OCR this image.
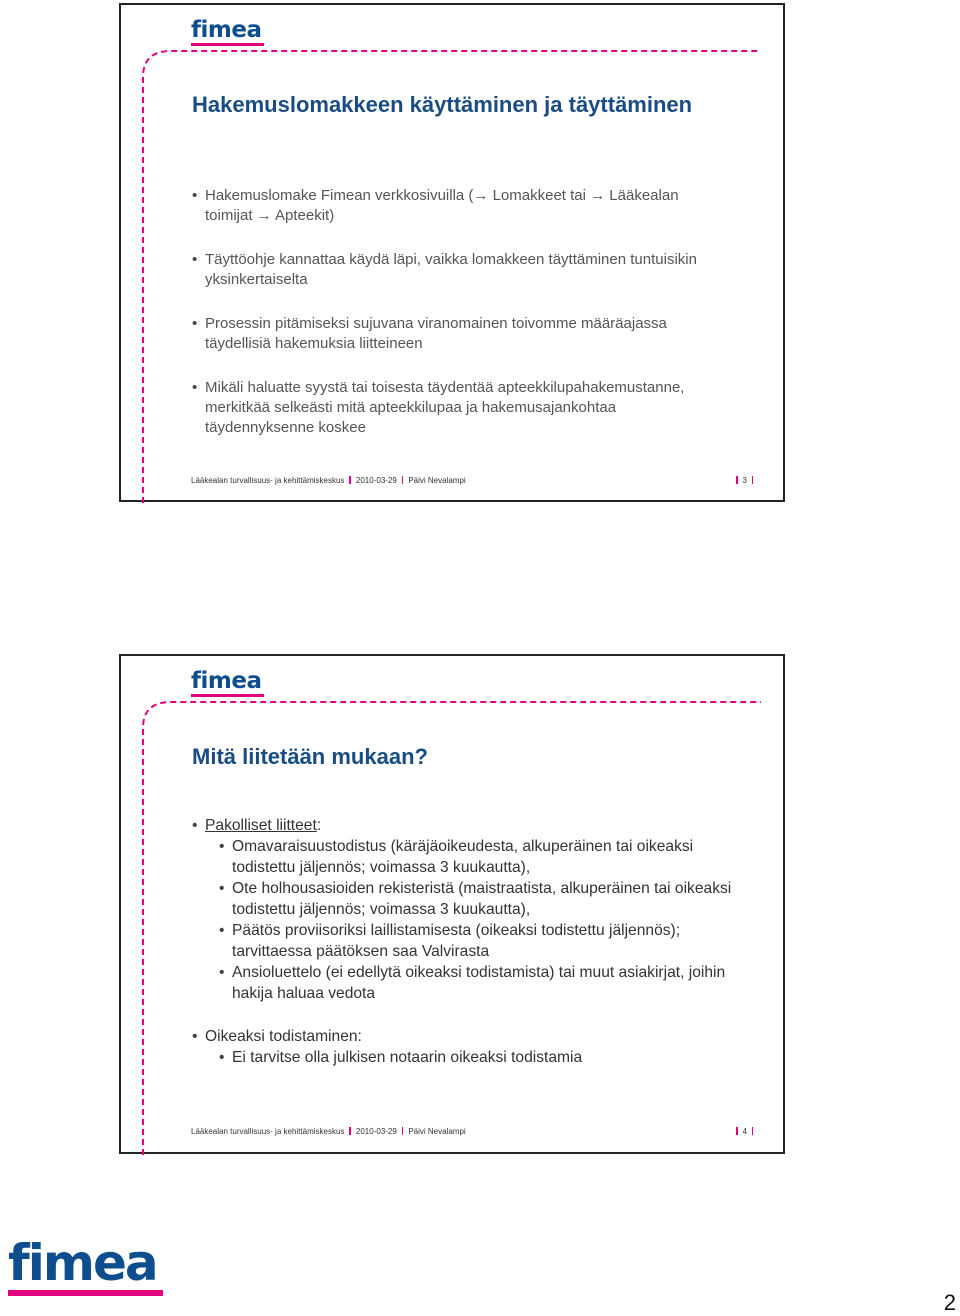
fimea
Hakemuslomakkeen käyttäminen ja täyttäminen
• Hakemuslomake Fimean verkkosivuilla (→ Lomakkeet tai → Lääkealan toimijat → Apteekit)
• Täyttöohje kannattaa käydä läpi, vaikka lomakkeen täyttäminen tuntuisikin yksinkertaiselta
• Prosessin pitämiseksi sujuvana viranomainen toivomme määräajassa täydellisiä hakemuksia liitteineen
• Mikäli haluatte syystä tai toisesta täydentää apteekkilupahakemustanne, merkitkää selkeästi mitä apteekkilupaa ja hakemusajankohtaa täydennyksenne koskee
Lääkealan turvallisuus- ja kehittämiskeskus 2010-03-29 Päivi Nevalampi	3
fimea
Mitä liitetään mukaan?
• Pakolliset liitteet:
• Omavaraisuustodistus (käräjäoikeudesta, alkuperäinen tai oikeaksi todistettu jäljennös; voimassa 3 kuukautta),
• Ote holhousasioiden rekisteristä (maistraatista, alkuperäinen tai oikeaksi todistettu jäljennös; voimassa 3 kuukautta),
• Päätös proviisoriksi laillistamisesta (oikeaksi todistettu jäljennös); tarvittaessa päätöksen saa Valvirasta
• Ansioluettelo (ei edellytä oikeaksi todistamista) tai muut asiakirjat, joihin hakija haluaa vedota
• Oikeaksi todistaminen:
• Ei tarvitse olla julkisen notaarin oikeaksi todistamia
Lääkealan turvallisuus- ja kehittämiskeskus 2010-03-29 Päivi Nevalampi	4
fimea
2
